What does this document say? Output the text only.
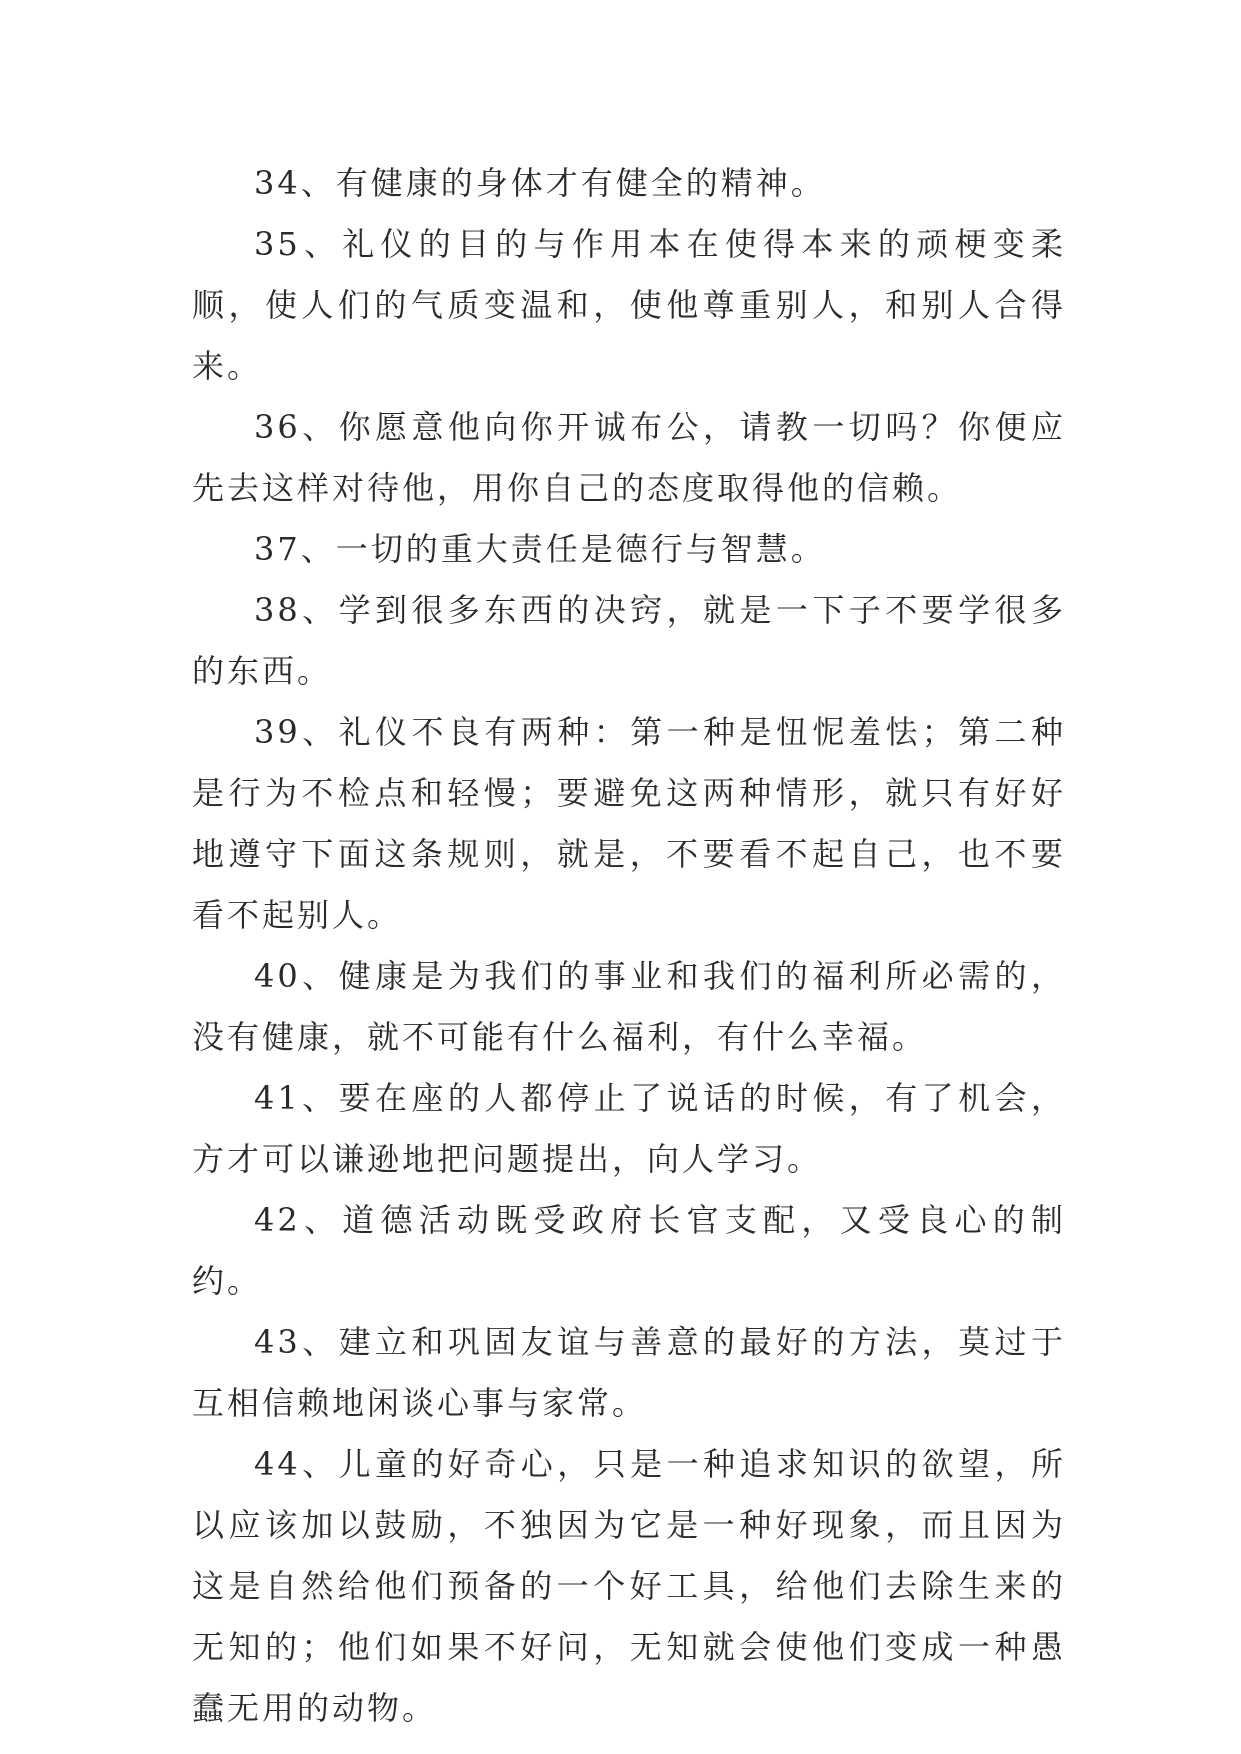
34、有健康的身体才有健全的精神。

35、礼仪的目的与作用本在使得本来的顽梗变柔顺，使人们的气质变温和，使他尊重别人，和别人合得来。

36、你愿意他向你开诚布公，请教一切吗？你便应先去这样对待他，用你自己的态度取得他的信赖。

37、一切的重大责任是德行与智慧。

38、学到很多东西的决窍，就是一下子不要学很多的东西。

39、礼仪不良有两种：第一种是忸怩羞怯；第二种是行为不检点和轻慢；要避免这两种情形，就只有好好地遵守下面这条规则，就是，不要看不起自己，也不要看不起别人。

40、健康是为我们的事业和我们的福利所必需的，没有健康，就不可能有什么福利，有什么幸福。

41、要在座的人都停止了说话的时候，有了机会，方才可以谦逊地把问题提出，向人学习。

42、道德活动既受政府长官支配，又受良心的制约。

43、建立和巩固友谊与善意的最好的方法，莫过于互相信赖地闲谈心事与家常。

44、儿童的好奇心，只是一种追求知识的欲望，所以应该加以鼓励，不独因为它是一种好现象，而且因为这是自然给他们预备的一个好工具，给他们去除生来的无知的；他们如果不好问，无知就会使他们变成一种愚蠢无用的动物。
